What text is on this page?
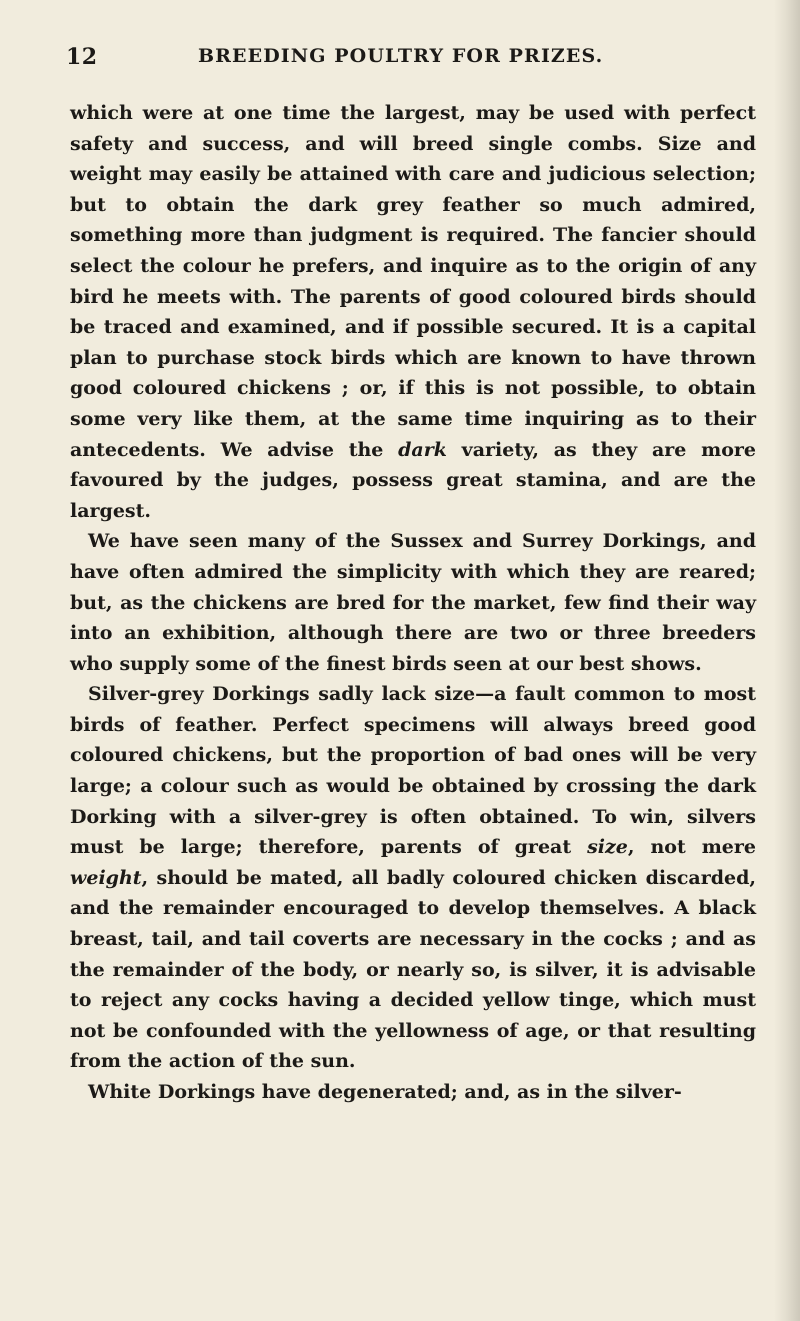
12	BREEDING POULTRY FOR PRIZES.

which were at one time the largest, may be used with perfect safety and success, and will breed single combs. Size and weight may easily be attained with care and judicious selection; but to obtain the dark grey feather so much admired, something more than judgment is required. The fancier should select the colour he prefers, and inquire as to the origin of any bird he meets with. The parents of good coloured birds should be traced and examined, and if possible secured. It is a capital plan to purchase stock birds which are known to have thrown good coloured chickens ; or, if this is not possible, to obtain some very like them, at the same time inquiring as to their antecedents. We advise the dark variety, as they are more favoured by the judges, possess great stamina, and are the largest.

We have seen many of the Sussex and Surrey Dorkings, and have often admired the simplicity with which they are reared; but, as the chickens are bred for the market, few find their way into an exhibition, although there are two or three breeders who supply some of the finest birds seen at our best shows.

Silver-grey Dorkings sadly lack size—a fault common to most birds of feather. Perfect specimens will always breed good coloured chickens, but the proportion of bad ones will be very large; a colour such as would be obtained by crossing the dark Dorking with a silver-grey is often obtained. To win, silvers must be large; therefore, parents of great size, not mere weight, should be mated, all badly coloured chicken discarded, and the remainder encouraged to develop themselves. A black breast, tail, and tail coverts are necessary in the cocks ; and as the remainder of the body, or nearly so, is silver, it is advisable to reject any cocks having a decided yellow tinge, which must not be confounded with the yellowness of age, or that resulting from the action of the sun.

White Dorkings have degenerated; and, as in the silver-
